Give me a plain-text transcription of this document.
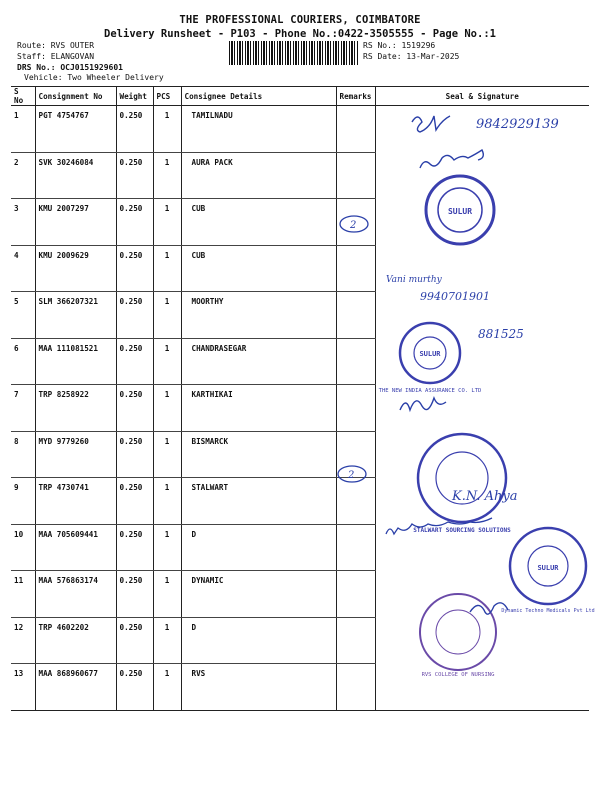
THE PROFESSIONAL COURIERS, COIMBATORE
Delivery Runsheet - P103 - Phone No.:0422-3505555 - Page No.:1
Route: RVS OUTER
Staff: ELANGOVAN
DRS No.: OCJ0151929601
Vehicle: Two Wheeler Delivery
RS No.: 1519296
RS Date: 13-Mar-2025
S No	Consignment No	Weight	PCS	Consignee Details	Remarks	Seal & Signature
1	PGT 4754767	0.250	1	TAMILNADU		
2	SVK 30246084	0.250	1	AURA PACK		
3	KMU 2007297	0.250	1	CUB		
4	KMU 2009629	0.250	1	CUB		
5	SLM 366207321	0.250	1	MOORTHY		
6	MAA 111081521	0.250	1	CHANDRASEGAR		
7	TRP 8258922	0.250	1	KARTHIKAI		
8	MYD 9779260	0.250	1	BISMARCK		
9	TRP 4730741	0.250	1	STALWART		
10	MAA 705609441	0.250	1	D		
11	MAA 576863174	0.250	1	DYNAMIC		
12	TRP 4602202	0.250	1	D		
13	MAA 868960677	0.250	1	RVS		
9842929139
SULUR
2
2
Vani murthy
9940701901
SULUR
THE NEW INDIA ASSURANCE CO. LTD
881525
STALWART SOURCING SOLUTIONS
K.N. Ahya
SULUR
Dynamic Techno Medicals Pvt Ltd
RVS COLLEGE OF NURSING
